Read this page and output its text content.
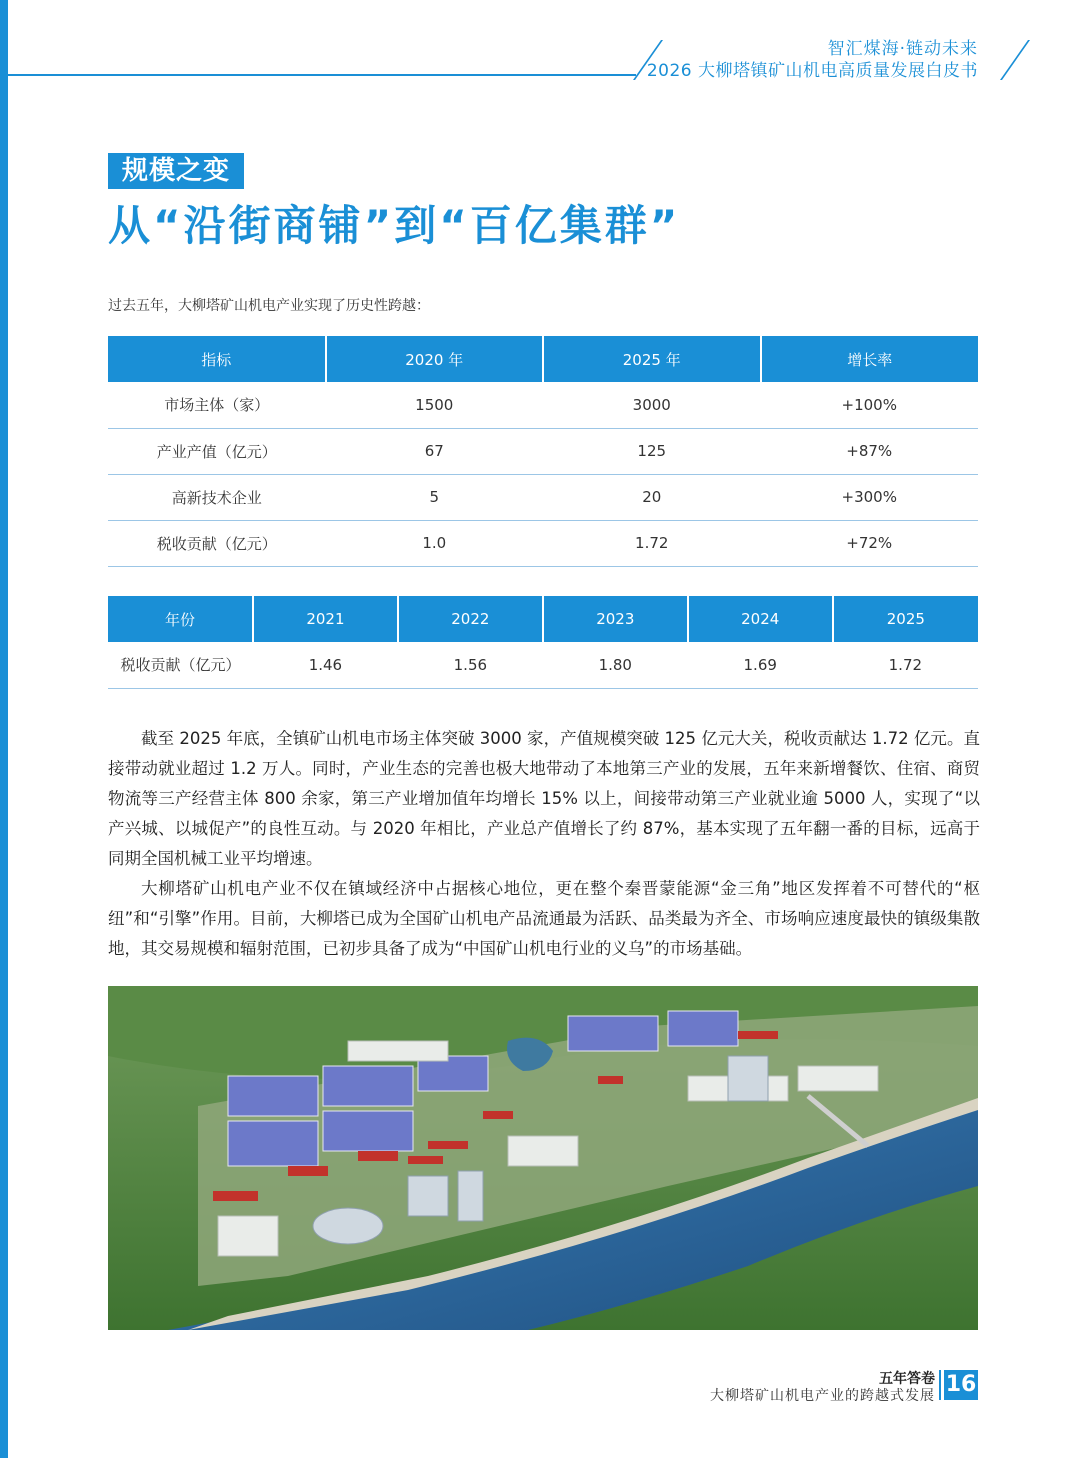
智汇煤海·链动未来
2026 大柳塔镇矿山机电高质量发展白皮书
规模之变
从“沿街商铺”到“百亿集群”
过去五年，大柳塔矿山机电产业实现了历史性跨越：
指标	2020 年	2025 年	增长率
市场主体（家）	1500	3000	+100%
产业产值（亿元）	67	125	+87%
高新技术企业	5	20	+300%
税收贡献（亿元）	1.0	1.72	+72%
年份	2021	2022	2023	2024	2025
税收贡献（亿元）	1.46	1.56	1.80	1.69	1.72

截至 2025 年底，全镇矿山机电市场主体突破 3000 家，产值规模突破 125 亿元大关，税收贡献达 1.72 亿元。直接带动就业超过 1.2 万人。同时，产业生态的完善也极大地带动了本地第三产业的发展，五年来新增餐饮、住宿、商贸物流等三产经营主体 800 余家，第三产业增加值年均增长 15% 以上，间接带动第三产业就业逾 5000 人，实现了“以产兴城、以城促产”的良性互动。与 2020 年相比，产业总产值增长了约 87%，基本实现了五年翻一番的目标，远高于同期全国机械工业平均增速。

大柳塔矿山机电产业不仅在镇域经济中占据核心地位，更在整个秦晋蒙能源“金三角”地区发挥着不可替代的“枢纽”和“引擎”作用。目前，大柳塔已成为全国矿山机电产品流通最为活跃、品类最为齐全、市场响应速度最快的镇级集散地，其交易规模和辐射范围，已初步具备了成为“中国矿山机电行业的义乌”的市场基础。

五年答卷
大柳塔矿山机电产业的跨越式发展 16
